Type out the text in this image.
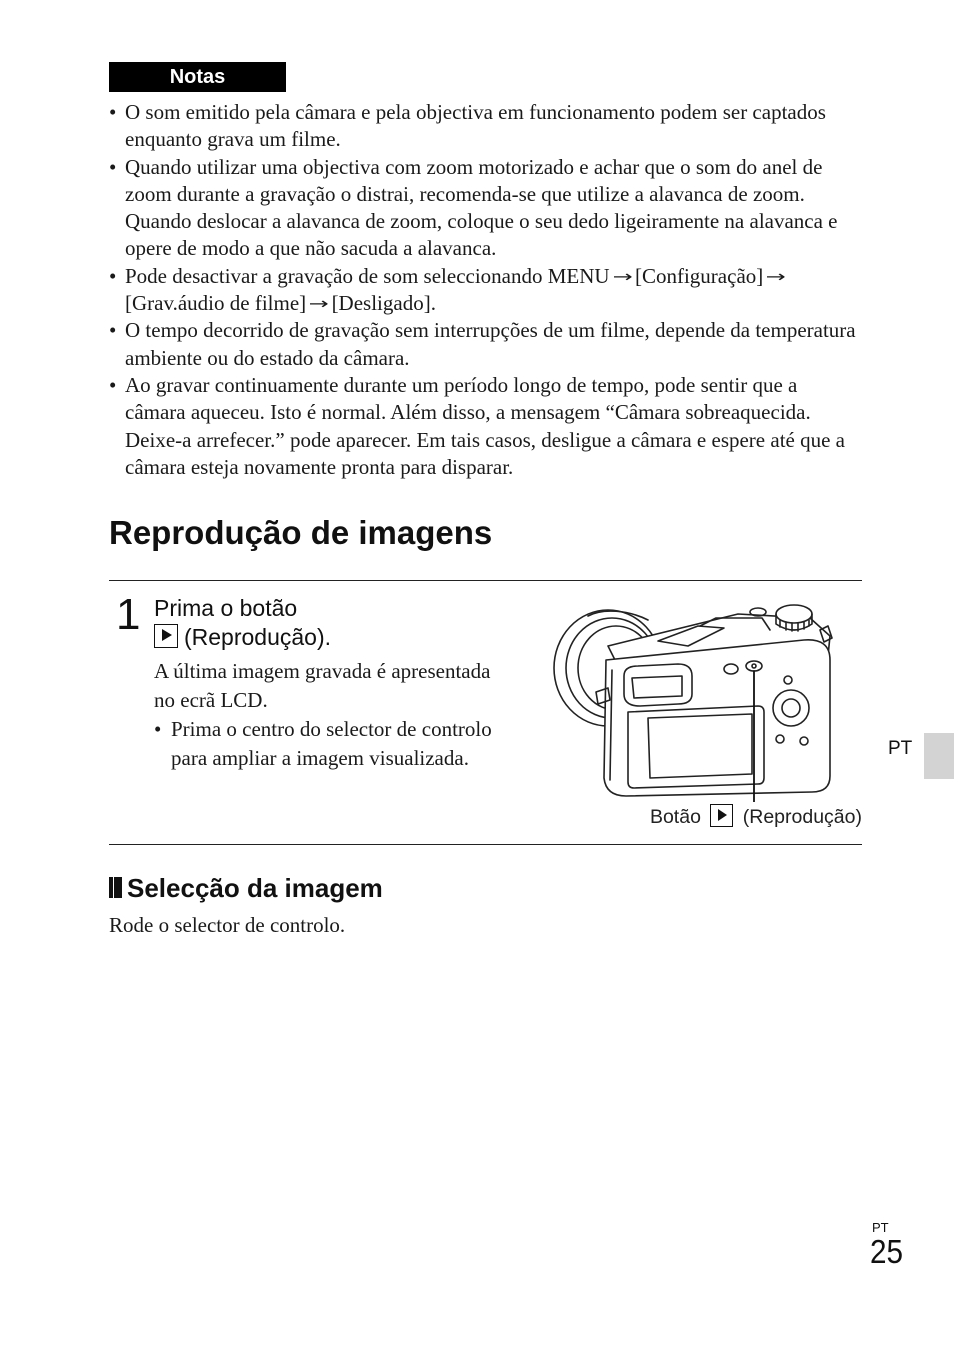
Notas
• O som emitido pela câmara e pela objectiva em funcionamento podem ser captados enquanto grava um filme.
• Quando utilizar uma objectiva com zoom motorizado e achar que o som do anel de zoom durante a gravação o distrai, recomenda-se que utilize a alavanca de zoom. Quando deslocar a alavanca de zoom, coloque o seu dedo ligeiramente na alavanca e opere de modo a que não sacuda a alavanca.
• Pode desactivar a gravação de som seleccionando MENU → [Configuração] →
[Grav.áudio de filme] → [Desligado].
• O tempo decorrido de gravação sem interrupções de um filme, depende da temperatura ambiente ou do estado da câmara.
• Ao gravar continuamente durante um período longo de tempo, pode sentir que a câmara aqueceu. Isto é normal. Além disso, a mensagem “Câmara sobreaquecida. Deixe-a arrefecer.” pode aparecer. Em tais casos, desligue a câmara e espere até que a câmara esteja novamente pronta para disparar.
Reprodução de imagens
1 Prima o botão
(Reprodução).

A última imagem gravada é apresentada no ecrã LCD.

• Prima o centro do selector de controlo para ampliar a imagem visualizada.

Botão (Reprodução)
Selecção da imagem

Rode o selector de controlo.

PT
PT
25
